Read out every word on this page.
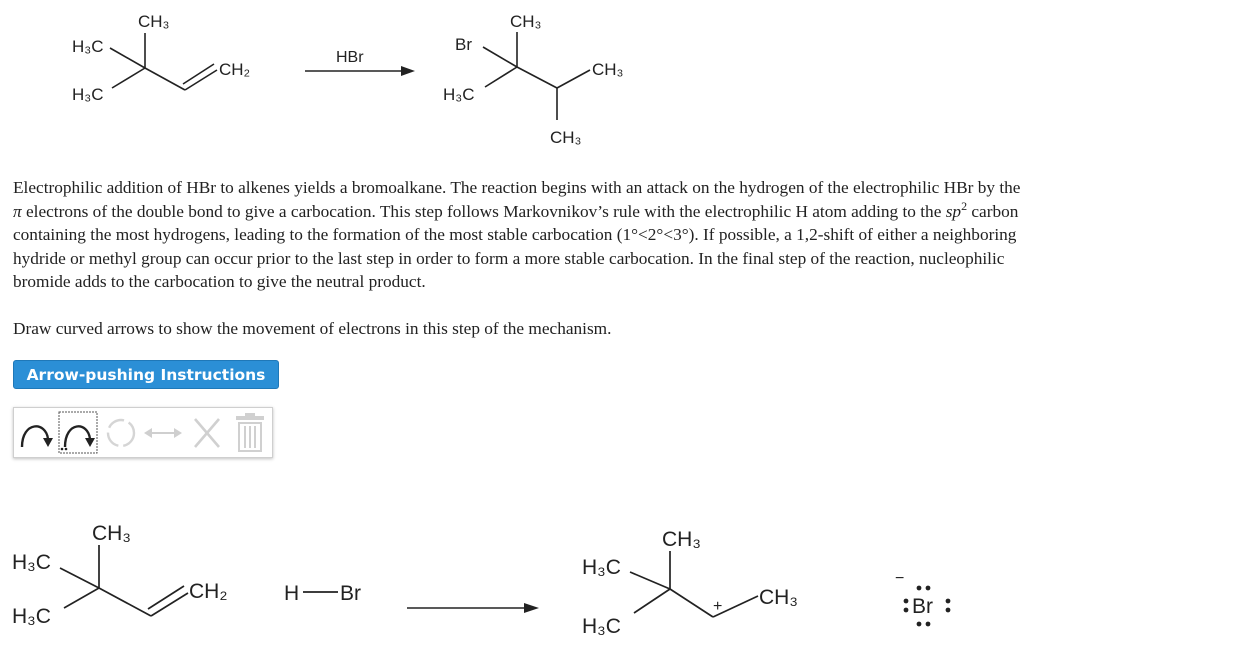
CH₃
H₃C
H₃C
CH₂
HBr
CH₃
Br
H₃C
CH₃
CH₃
Electrophilic addition of HBr to alkenes yields a bromoalkane. The reaction begins with an attack on the hydrogen of the electrophilic HBr by the
π electrons of the double bond to give a carbocation. This step follows Markovnikov’s rule with the electrophilic H atom adding to the $sp^2$ carbon
containing the most hydrogens, leading to the formation of the most stable carbocation (1°<2°<3°). If possible, a 1,2-shift of either a neighboring
hydride or methyl group can occur prior to the last step in order to form a more stable carbocation. In the final step of the reaction, nucleophilic
bromide adds to the carbocation to give the neutral product.
Draw curved arrows to show the movement of electrons in this step of the mechanism.
Arrow-pushing Instructions
CH₃
H₃C
H₃C
CH₂	H Br
CH₃
H₃C
H₃C
CH₃
+
−
Br
